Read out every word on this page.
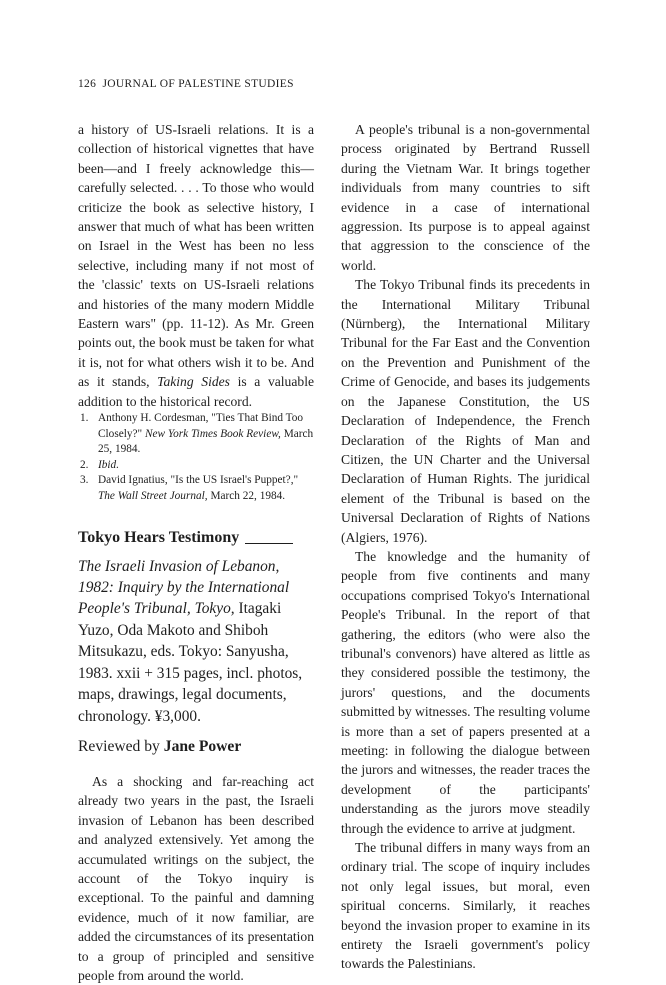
126 JOURNAL OF PALESTINE STUDIES

a history of US-Israeli relations. It is a collection of historical vignettes that have been—and I freely acknowledge this—carefully selected. . . . To those who would criticize the book as selective history, I answer that much of what has been written on Israel in the West has been no less selective, including many if not most of the 'classic' texts on US-Israeli relations and histories of the many modern Middle Eastern wars" (pp. 11-12). As Mr. Green points out, the book must be taken for what it is, not for what others wish it to be. And as it stands, Taking Sides is a valuable addition to the historical record.

1. Anthony H. Cordesman, "Ties That Bind Too Closely?" New York Times Book Review, March 25, 1984.
2. Ibid.
3. David Ignatius, "Is the US Israel's Puppet?," The Wall Street Journal, March 22, 1984.
Tokyo Hears Testimony

The Israeli Invasion of Lebanon, 1982: Inquiry by the International People's Tribunal, Tokyo, Itagaki Yuzo, Oda Makoto and Shiboh Mitsukazu, eds. Tokyo: Sanyusha, 1983. xxii + 315 pages, incl. photos, maps, drawings, legal documents, chronology. ¥3,000.

Reviewed by Jane Power

As a shocking and far-reaching act already two years in the past, the Israeli invasion of Lebanon has been described and analyzed extensively. Yet among the accumulated writings on the subject, the account of the Tokyo inquiry is exceptional. To the painful and damning evidence, much of it now familiar, are added the circumstances of its presentation to a group of principled and sensitive people from around the world.

A people's tribunal is a non-governmental process originated by Bertrand Russell during the Vietnam War. It brings together individuals from many countries to sift evidence in a case of international aggression. Its purpose is to appeal against that aggression to the conscience of the world.

The Tokyo Tribunal finds its precedents in the International Military Tribunal (Nürnberg), the International Military Tribunal for the Far East and the Convention on the Prevention and Punishment of the Crime of Genocide, and bases its judgements on the Japanese Constitution, the US Declaration of Independence, the French Declaration of the Rights of Man and Citizen, the UN Charter and the Universal Declaration of Human Rights. The juridical element of the Tribunal is based on the Universal Declaration of Rights of Nations (Algiers, 1976).

The knowledge and the humanity of people from five continents and many occupations comprised Tokyo's International People's Tribunal. In the report of that gathering, the editors (who were also the tribunal's convenors) have altered as little as they considered possible the testimony, the jurors' questions, and the documents submitted by witnesses. The resulting volume is more than a set of papers presented at a meeting: in following the dialogue between the jurors and witnesses, the reader traces the development of the participants' understanding as the jurors move steadily through the evidence to arrive at judgment.

The tribunal differs in many ways from an ordinary trial. The scope of inquiry includes not only legal issues, but moral, even spiritual concerns. Similarly, it reaches beyond the invasion proper to examine in its entirety the Israeli government's policy towards the Palestinians.
